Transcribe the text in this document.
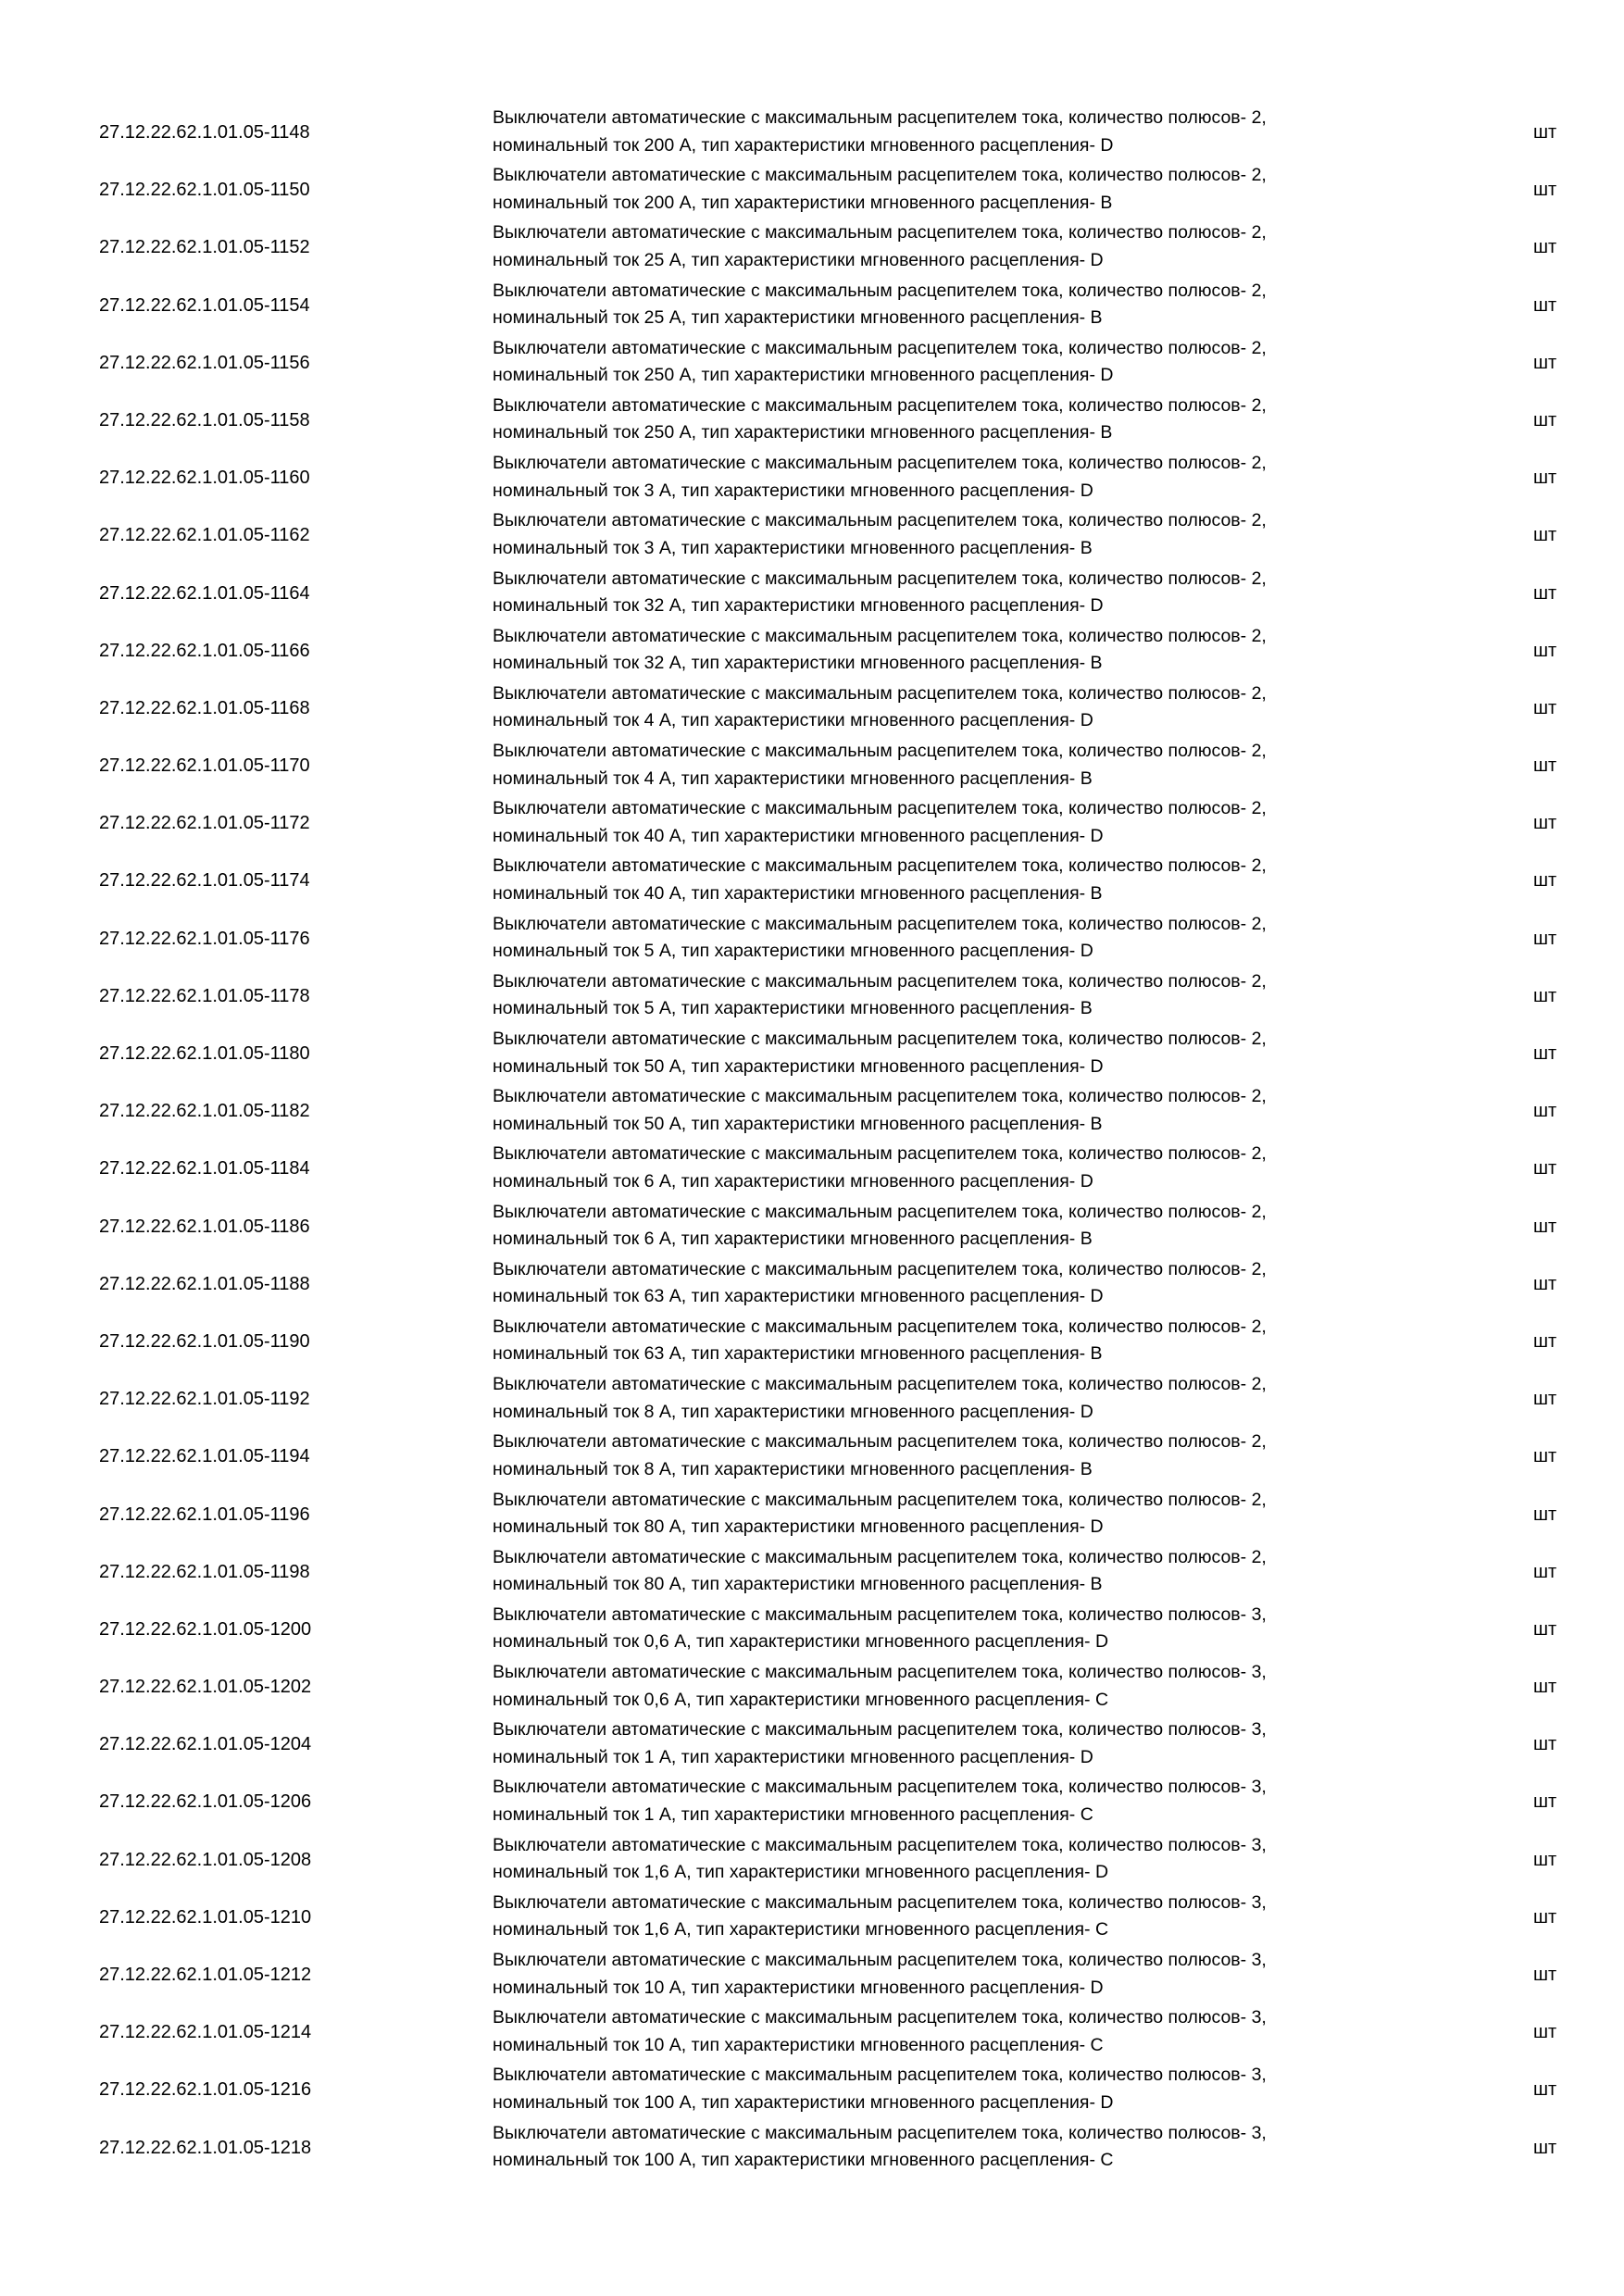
27.12.22.62.1.01.05-1148
Выключатели автоматические с максимальным расцепителем тока, количество полюсов- 2,
номинальный ток 200 А, тип характеристики мгновенного расцепления- D
шт
27.12.22.62.1.01.05-1150
Выключатели автоматические с максимальным расцепителем тока, количество полюсов- 2,
номинальный ток 200 А, тип характеристики мгновенного расцепления- B
шт
27.12.22.62.1.01.05-1152
Выключатели автоматические с максимальным расцепителем тока, количество полюсов- 2,
номинальный ток 25 А, тип характеристики мгновенного расцепления- D
шт
27.12.22.62.1.01.05-1154
Выключатели автоматические с максимальным расцепителем тока, количество полюсов- 2,
номинальный ток 25 А, тип характеристики мгновенного расцепления- B
шт
27.12.22.62.1.01.05-1156
Выключатели автоматические с максимальным расцепителем тока, количество полюсов- 2,
номинальный ток 250 А, тип характеристики мгновенного расцепления- D
шт
27.12.22.62.1.01.05-1158
Выключатели автоматические с максимальным расцепителем тока, количество полюсов- 2,
номинальный ток 250 А, тип характеристики мгновенного расцепления- B
шт
27.12.22.62.1.01.05-1160
Выключатели автоматические с максимальным расцепителем тока, количество полюсов- 2,
номинальный ток 3 А, тип характеристики мгновенного расцепления- D
шт
27.12.22.62.1.01.05-1162
Выключатели автоматические с максимальным расцепителем тока, количество полюсов- 2,
номинальный ток 3 А, тип характеристики мгновенного расцепления- B
шт
27.12.22.62.1.01.05-1164
Выключатели автоматические с максимальным расцепителем тока, количество полюсов- 2,
номинальный ток 32 А, тип характеристики мгновенного расцепления- D
шт
27.12.22.62.1.01.05-1166
Выключатели автоматические с максимальным расцепителем тока, количество полюсов- 2,
номинальный ток 32 А, тип характеристики мгновенного расцепления- B
шт
27.12.22.62.1.01.05-1168
Выключатели автоматические с максимальным расцепителем тока, количество полюсов- 2,
номинальный ток 4 А, тип характеристики мгновенного расцепления- D
шт
27.12.22.62.1.01.05-1170
Выключатели автоматические с максимальным расцепителем тока, количество полюсов- 2,
номинальный ток 4 А, тип характеристики мгновенного расцепления- B
шт
27.12.22.62.1.01.05-1172
Выключатели автоматические с максимальным расцепителем тока, количество полюсов- 2,
номинальный ток 40 А, тип характеристики мгновенного расцепления- D
шт
27.12.22.62.1.01.05-1174
Выключатели автоматические с максимальным расцепителем тока, количество полюсов- 2,
номинальный ток 40 А, тип характеристики мгновенного расцепления- B
шт
27.12.22.62.1.01.05-1176
Выключатели автоматические с максимальным расцепителем тока, количество полюсов- 2,
номинальный ток 5 А, тип характеристики мгновенного расцепления- D
шт
27.12.22.62.1.01.05-1178
Выключатели автоматические с максимальным расцепителем тока, количество полюсов- 2,
номинальный ток 5 А, тип характеристики мгновенного расцепления- B
шт
27.12.22.62.1.01.05-1180
Выключатели автоматические с максимальным расцепителем тока, количество полюсов- 2,
номинальный ток 50 А, тип характеристики мгновенного расцепления- D
шт
27.12.22.62.1.01.05-1182
Выключатели автоматические с максимальным расцепителем тока, количество полюсов- 2,
номинальный ток 50 А, тип характеристики мгновенного расцепления- B
шт
27.12.22.62.1.01.05-1184
Выключатели автоматические с максимальным расцепителем тока, количество полюсов- 2,
номинальный ток 6 А, тип характеристики мгновенного расцепления- D
шт
27.12.22.62.1.01.05-1186
Выключатели автоматические с максимальным расцепителем тока, количество полюсов- 2,
номинальный ток 6 А, тип характеристики мгновенного расцепления- B
шт
27.12.22.62.1.01.05-1188
Выключатели автоматические с максимальным расцепителем тока, количество полюсов- 2,
номинальный ток 63 А, тип характеристики мгновенного расцепления- D
шт
27.12.22.62.1.01.05-1190
Выключатели автоматические с максимальным расцепителем тока, количество полюсов- 2,
номинальный ток 63 А, тип характеристики мгновенного расцепления- B
шт
27.12.22.62.1.01.05-1192
Выключатели автоматические с максимальным расцепителем тока, количество полюсов- 2,
номинальный ток 8 А, тип характеристики мгновенного расцепления- D
шт
27.12.22.62.1.01.05-1194
Выключатели автоматические с максимальным расцепителем тока, количество полюсов- 2,
номинальный ток 8 А, тип характеристики мгновенного расцепления- B
шт
27.12.22.62.1.01.05-1196
Выключатели автоматические с максимальным расцепителем тока, количество полюсов- 2,
номинальный ток 80 А, тип характеристики мгновенного расцепления- D
шт
27.12.22.62.1.01.05-1198
Выключатели автоматические с максимальным расцепителем тока, количество полюсов- 2,
номинальный ток 80 А, тип характеристики мгновенного расцепления- B
шт
27.12.22.62.1.01.05-1200
Выключатели автоматические с максимальным расцепителем тока, количество полюсов- 3,
номинальный ток 0,6 А, тип характеристики мгновенного расцепления- D
шт
27.12.22.62.1.01.05-1202
Выключатели автоматические с максимальным расцепителем тока, количество полюсов- 3,
номинальный ток 0,6 А, тип характеристики мгновенного расцепления- C
шт
27.12.22.62.1.01.05-1204
Выключатели автоматические с максимальным расцепителем тока, количество полюсов- 3,
номинальный ток 1 А, тип характеристики мгновенного расцепления- D
шт
27.12.22.62.1.01.05-1206
Выключатели автоматические с максимальным расцепителем тока, количество полюсов- 3,
номинальный ток 1 А, тип характеристики мгновенного расцепления- C
шт
27.12.22.62.1.01.05-1208
Выключатели автоматические с максимальным расцепителем тока, количество полюсов- 3,
номинальный ток 1,6 А, тип характеристики мгновенного расцепления- D
шт
27.12.22.62.1.01.05-1210
Выключатели автоматические с максимальным расцепителем тока, количество полюсов- 3,
номинальный ток 1,6 А, тип характеристики мгновенного расцепления- C
шт
27.12.22.62.1.01.05-1212
Выключатели автоматические с максимальным расцепителем тока, количество полюсов- 3,
номинальный ток 10 А, тип характеристики мгновенного расцепления- D
шт
27.12.22.62.1.01.05-1214
Выключатели автоматические с максимальным расцепителем тока, количество полюсов- 3,
номинальный ток 10 А, тип характеристики мгновенного расцепления- C
шт
27.12.22.62.1.01.05-1216
Выключатели автоматические с максимальным расцепителем тока, количество полюсов- 3,
номинальный ток 100 А, тип характеристики мгновенного расцепления- D
шт
27.12.22.62.1.01.05-1218
Выключатели автоматические с максимальным расцепителем тока, количество полюсов- 3,
номинальный ток 100 А, тип характеристики мгновенного расцепления- C
шт
